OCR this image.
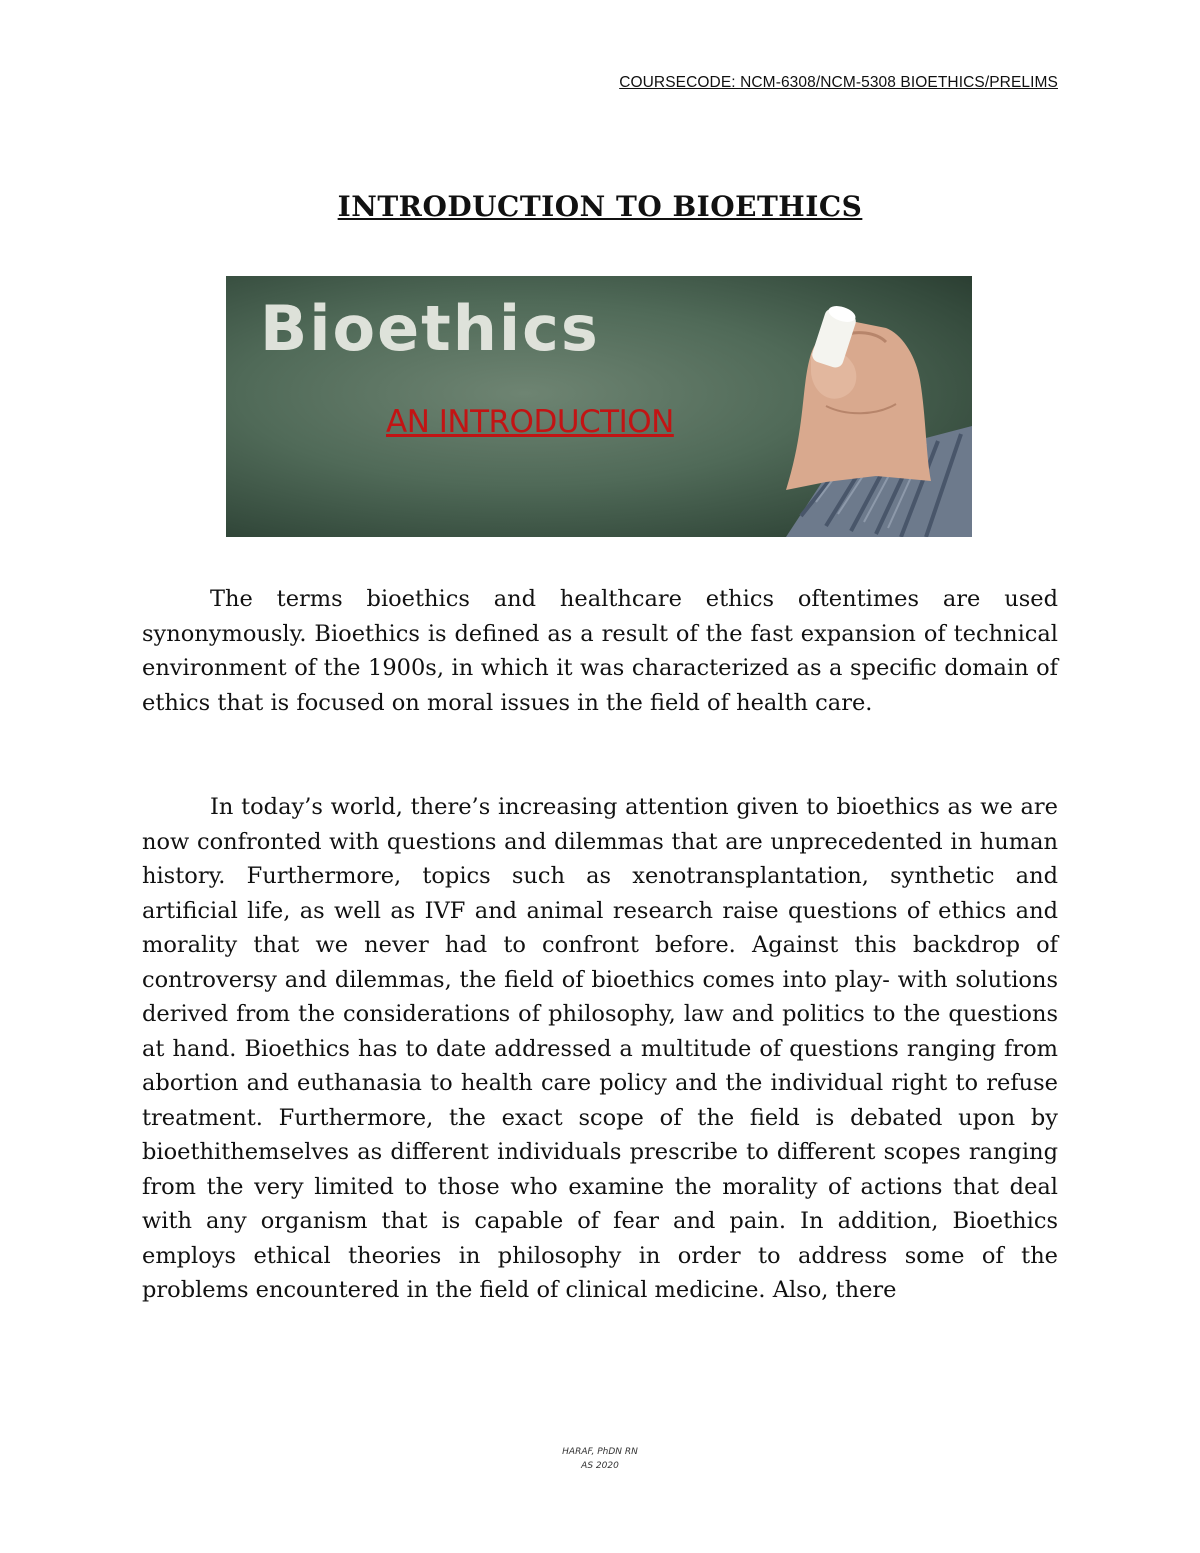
COURSECODE: NCM-6308/NCM-5308 BIOETHICS/PRELIMS
INTRODUCTION TO BIOETHICS
Bioethics
AN INTRODUCTION

The terms bioethics and healthcare ethics oftentimes are used synonymously. Bioethics is defined as a result of the fast expansion of technical environment of the 1900s, in which it was characterized as a specific domain of ethics that is focused on moral issues in the field of health care.

In today’s world, there’s increasing attention given to bioethics as we are now confronted with questions and dilemmas that are unprecedented in human history. Furthermore, topics such as xenotransplantation, synthetic and artificial life, as well as IVF and animal research raise questions of ethics and morality that we never had to confront before. Against this backdrop of controversy and dilemmas, the field of bioethics comes into play- with solutions derived from the considerations of philosophy, law and politics to the questions at hand. Bioethics has to date addressed a multitude of questions ranging from abortion and euthanasia to health care policy and the individual right to refuse treatment. Furthermore, the exact scope of the field is debated upon by bioethithemselves as different individuals prescribe to different scopes ranging from the very limited to those who examine the morality of actions that deal with any organism that is capable of fear and pain. In addition, Bioethics employs ethical theories in philosophy in order to address some of the problems encountered in the field of clinical medicine. Also, there

HARAF, PhDN RN
AS 2020
